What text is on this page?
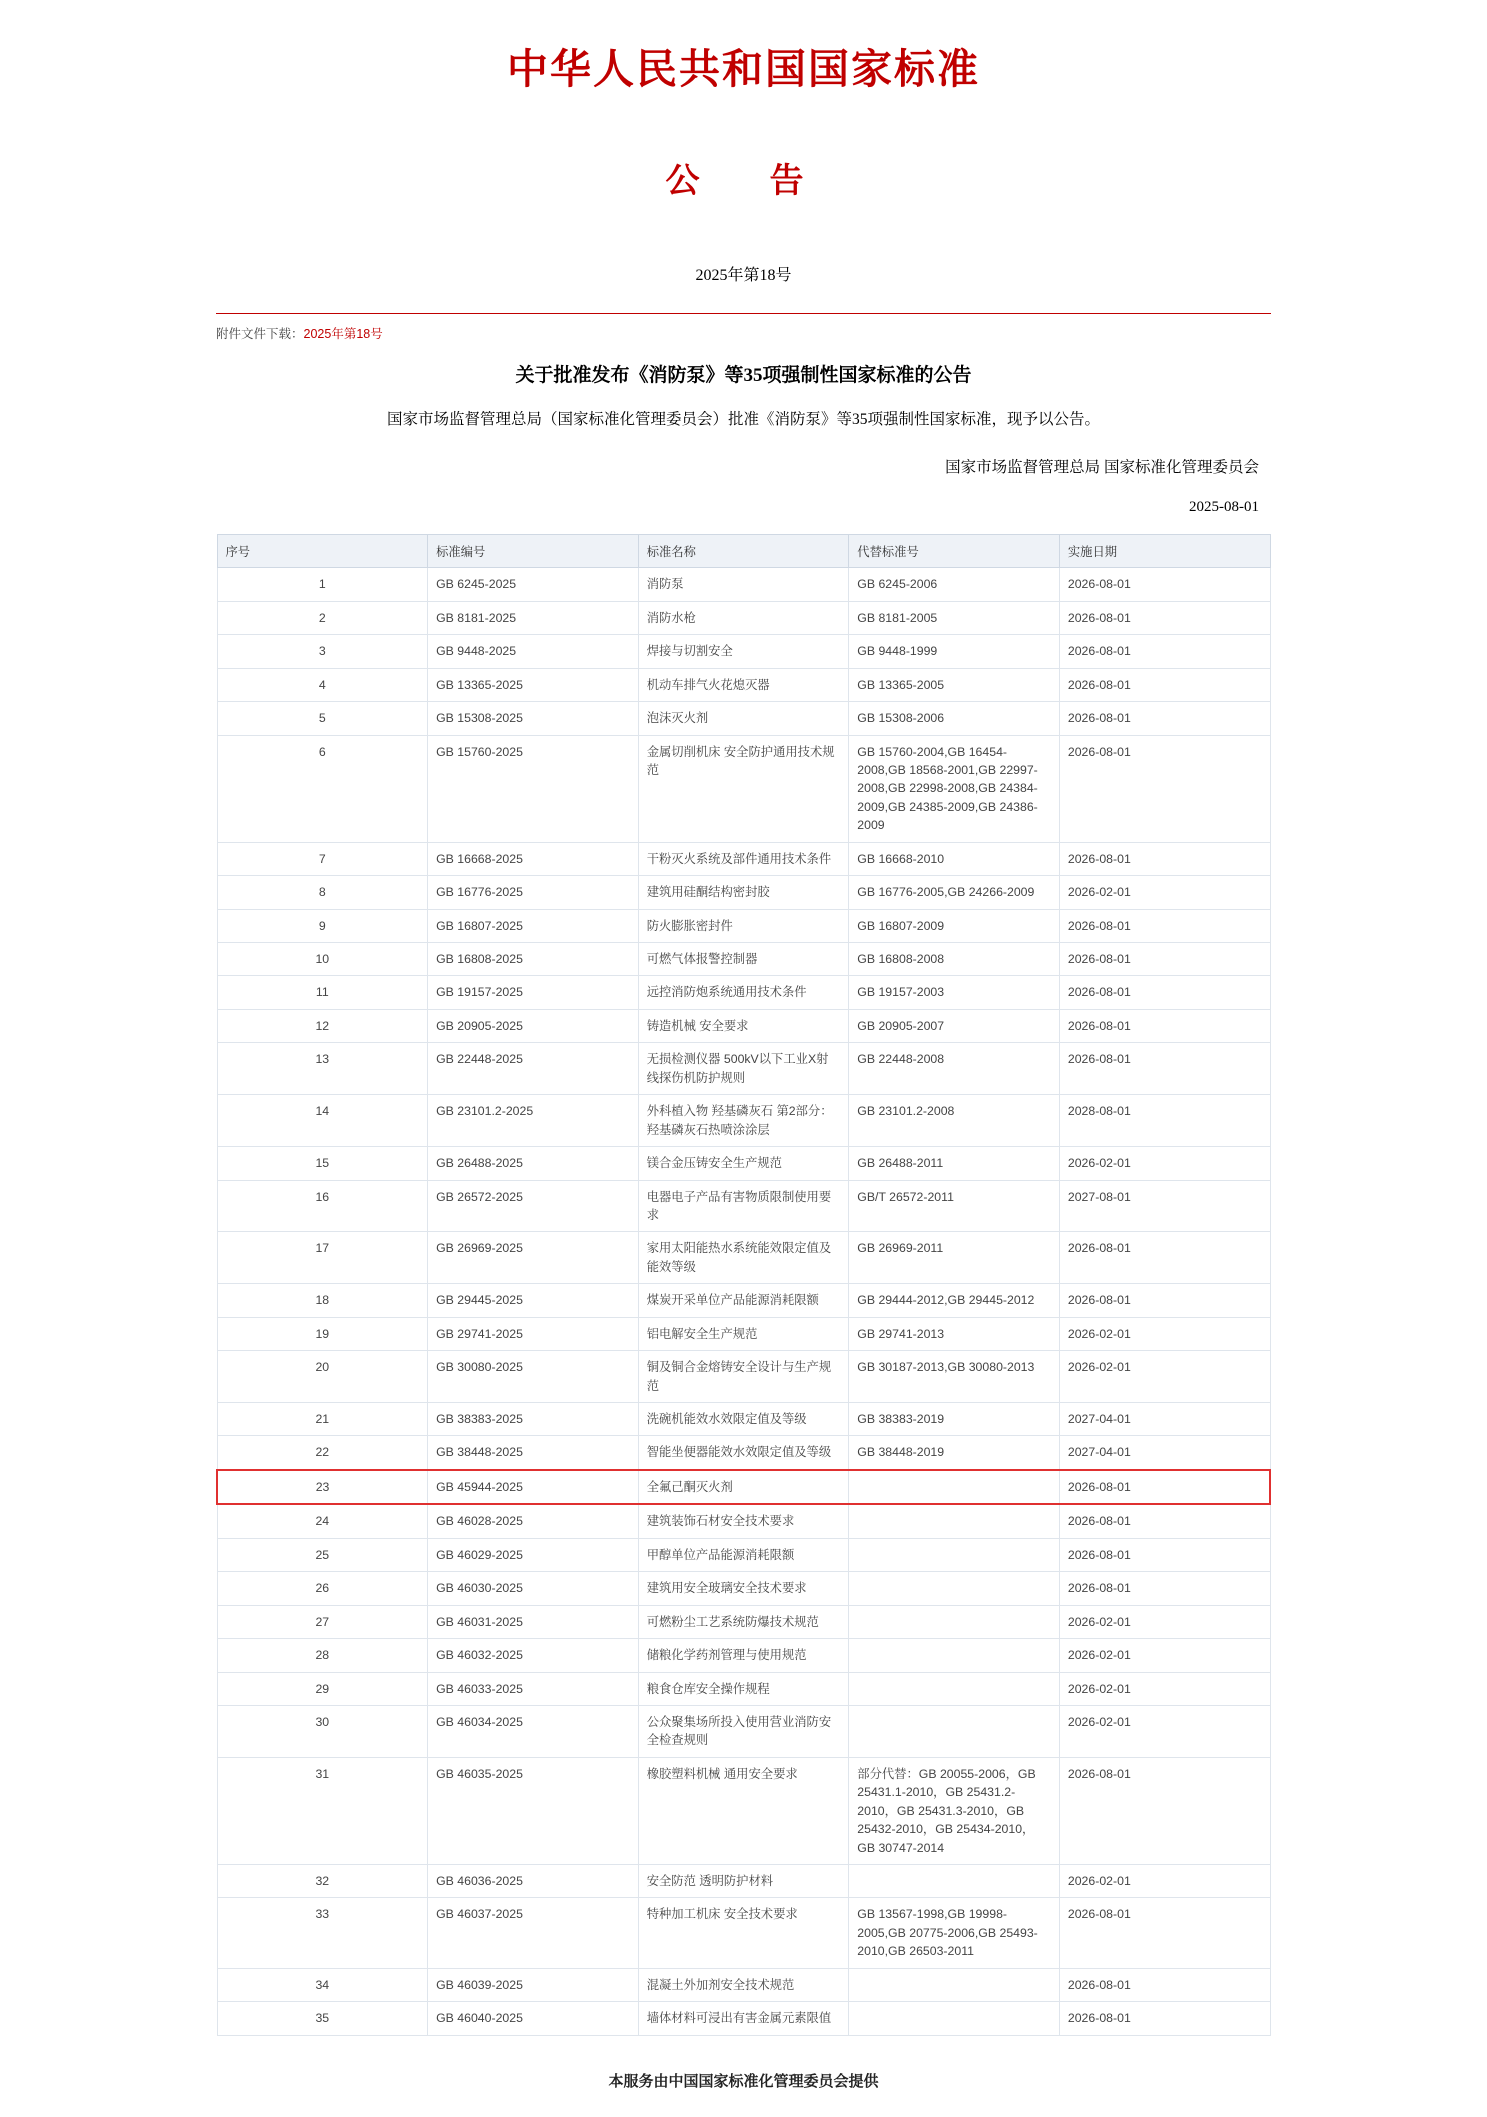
中华人民共和国国家标准
公　告
2025年第18号
附件文件下载：2025年第18号
关于批准发布《消防泵》等35项强制性国家标准的公告
国家市场监督管理总局（国家标准化管理委员会）批准《消防泵》等35项强制性国家标准，现予以公告。
国家市场监督管理总局 国家标准化管理委员会
2025-08-01
序号	标准编号	标准名称	代替标准号	实施日期
1	GB 6245-2025	消防泵	GB 6245-2006	2026-08-01
2	GB 8181-2025	消防水枪	GB 8181-2005	2026-08-01
3	GB 9448-2025	焊接与切割安全	GB 9448-1999	2026-08-01
4	GB 13365-2025	机动车排气火花熄灭器	GB 13365-2005	2026-08-01
5	GB 15308-2025	泡沫灭火剂	GB 15308-2006	2026-08-01
6	GB 15760-2025	金属切削机床 安全防护通用技术规范	GB 15760-2004,GB 16454-2008,GB 18568-2001,GB 22997-2008,GB 22998-2008,GB 24384-2009,GB 24385-2009,GB 24386-2009	2026-08-01
7	GB 16668-2025	干粉灭火系统及部件通用技术条件	GB 16668-2010	2026-08-01
8	GB 16776-2025	建筑用硅酮结构密封胶	GB 16776-2005,GB 24266-2009	2026-02-01
9	GB 16807-2025	防火膨胀密封件	GB 16807-2009	2026-08-01
10	GB 16808-2025	可燃气体报警控制器	GB 16808-2008	2026-08-01
11	GB 19157-2025	远控消防炮系统通用技术条件	GB 19157-2003	2026-08-01
12	GB 20905-2025	铸造机械 安全要求	GB 20905-2007	2026-08-01
13	GB 22448-2025	无损检测仪器 500kV以下工业X射线探伤机防护规则	GB 22448-2008	2026-08-01
14	GB 23101.2-2025	外科植入物 羟基磷灰石 第2部分：羟基磷灰石热喷涂涂层	GB 23101.2-2008	2028-08-01
15	GB 26488-2025	镁合金压铸安全生产规范	GB 26488-2011	2026-02-01
16	GB 26572-2025	电器电子产品有害物质限制使用要求	GB/T 26572-2011	2027-08-01
17	GB 26969-2025	家用太阳能热水系统能效限定值及能效等级	GB 26969-2011	2026-08-01
18	GB 29445-2025	煤炭开采单位产品能源消耗限额	GB 29444-2012,GB 29445-2012	2026-08-01
19	GB 29741-2025	铝电解安全生产规范	GB 29741-2013	2026-02-01
20	GB 30080-2025	铜及铜合金熔铸安全设计与生产规范	GB 30187-2013,GB 30080-2013	2026-02-01
21	GB 38383-2025	洗碗机能效水效限定值及等级	GB 38383-2019	2027-04-01
22	GB 38448-2025	智能坐便器能效水效限定值及等级	GB 38448-2019	2027-04-01
23	GB 45944-2025	全氟己酮灭火剂		2026-08-01
24	GB 46028-2025	建筑装饰石材安全技术要求		2026-08-01
25	GB 46029-2025	甲醇单位产品能源消耗限额		2026-08-01
26	GB 46030-2025	建筑用安全玻璃安全技术要求		2026-08-01
27	GB 46031-2025	可燃粉尘工艺系统防爆技术规范		2026-02-01
28	GB 46032-2025	储粮化学药剂管理与使用规范		2026-02-01
29	GB 46033-2025	粮食仓库安全操作规程		2026-02-01
30	GB 46034-2025	公众聚集场所投入使用营业消防安全检查规则		2026-02-01
31	GB 46035-2025	橡胶塑料机械 通用安全要求	部分代替：GB 20055-2006，GB 25431.1-2010，GB 25431.2-2010，GB 25431.3-2010，GB 25432-2010，GB 25434-2010，GB 30747-2014	2026-08-01
32	GB 46036-2025	安全防范 透明防护材料		2026-02-01
33	GB 46037-2025	特种加工机床 安全技术要求	GB 13567-1998,GB 19998-2005,GB 20775-2006,GB 25493-2010,GB 26503-2011	2026-08-01
34	GB 46039-2025	混凝土外加剂安全技术规范		2026-08-01
35	GB 46040-2025	墙体材料可浸出有害金属元素限值		2026-08-01
本服务由中国国家标准化管理委员会提供
